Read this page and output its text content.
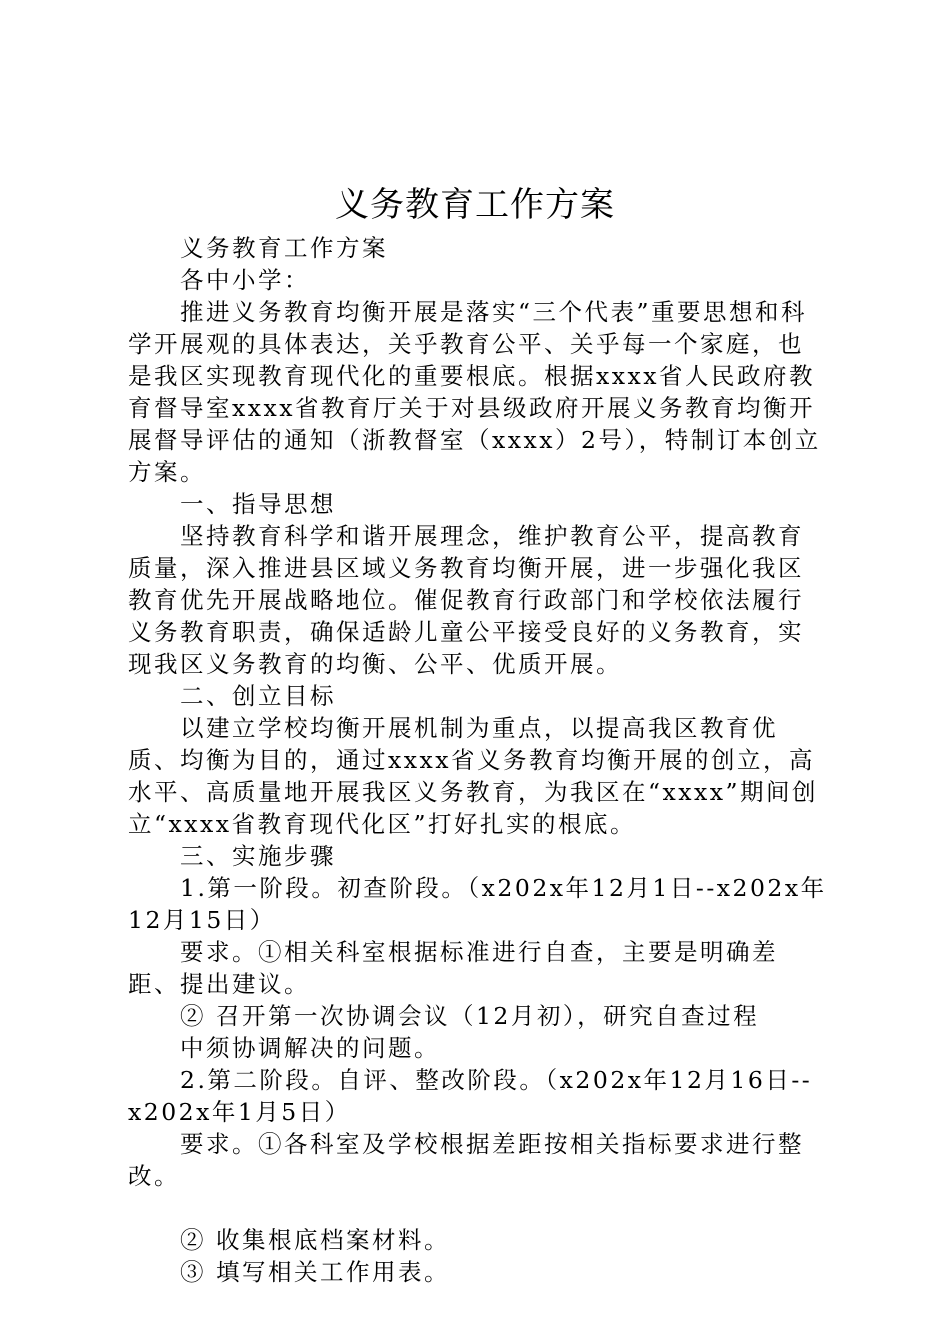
义务教育工作方案

义务教育工作方案

各中小学：

推进义务教育均衡开展是落实“三个代表”重要思想和科学开展观的具体表达，关乎教育公平、关乎每一个家庭，也是我区实现教育现代化的重要根底。根据xxxx省人民政府教育督导室xxxx省教育厅关于对县级政府开展义务教育均衡开展督导评估的通知（浙教督室（xxxx）2号），特制订本创立方案。

一、指导思想

坚持教育科学和谐开展理念，维护教育公平，提高教育质量，深入推进县区域义务教育均衡开展，进一步强化我区教育优先开展战略地位。催促教育行政部门和学校依法履行义务教育职责，确保适龄儿童公平接受良好的义务教育，实现我区义务教育的均衡、公平、优质开展。

二、创立目标

以建立学校均衡开展机制为重点，以提高我区教育优质、均衡为目的，通过xxxx省义务教育均衡开展的创立，高水平、高质量地开展我区义务教育，为我区在“xxxx”期间创立“xxxx省教育现代化区”打好扎实的根底。

三、实施步骤

1.第一阶段。初查阶段。（x202x年12月1日--x202x年12月15日）

要求。①相关科室根据标准进行自查，主要是明确差距、提出建议。

② 召开第一次协调会议（12月初），研究自查过程

中须协调解决的问题。

2.第二阶段。自评、整改阶段。（x202x年12月16日--x202x年1月5日）

要求。①各科室及学校根据差距按相关指标要求进行整改。

② 收集根底档案材料。

③ 填写相关工作用表。
